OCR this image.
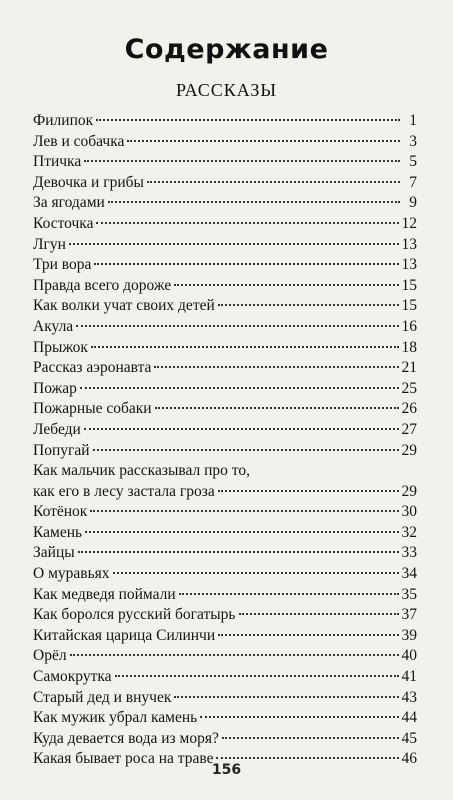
Содержание
РАССКАЗЫ
Филипок	1
Лев и собачка	3
Птичка	5
Девочка и грибы	7
За ягодами	9
Косточка	12
Лгун	13
Три вора	13
Правда всего дороже	15
Как волки учат своих детей	15
Акула	16
Прыжок	18
Рассказ аэронавта	21
Пожар	25
Пожарные собаки	26
Лебеди	27
Попугай	29
Как мальчик рассказывал про то,
как его в лесу застала гроза	29
Котёнок	30
Камень	32
Зайцы	33
О муравьях	34
Как медведя поймали	35
Как боролся русский богатырь	37
Китайская царица Силинчи	39
Орёл	40
Самокрутка	41
Старый дед и внучек	43
Как мужик убрал камень	44
Куда девается вода из моря?	45
Какая бывает роса на траве	46
156
